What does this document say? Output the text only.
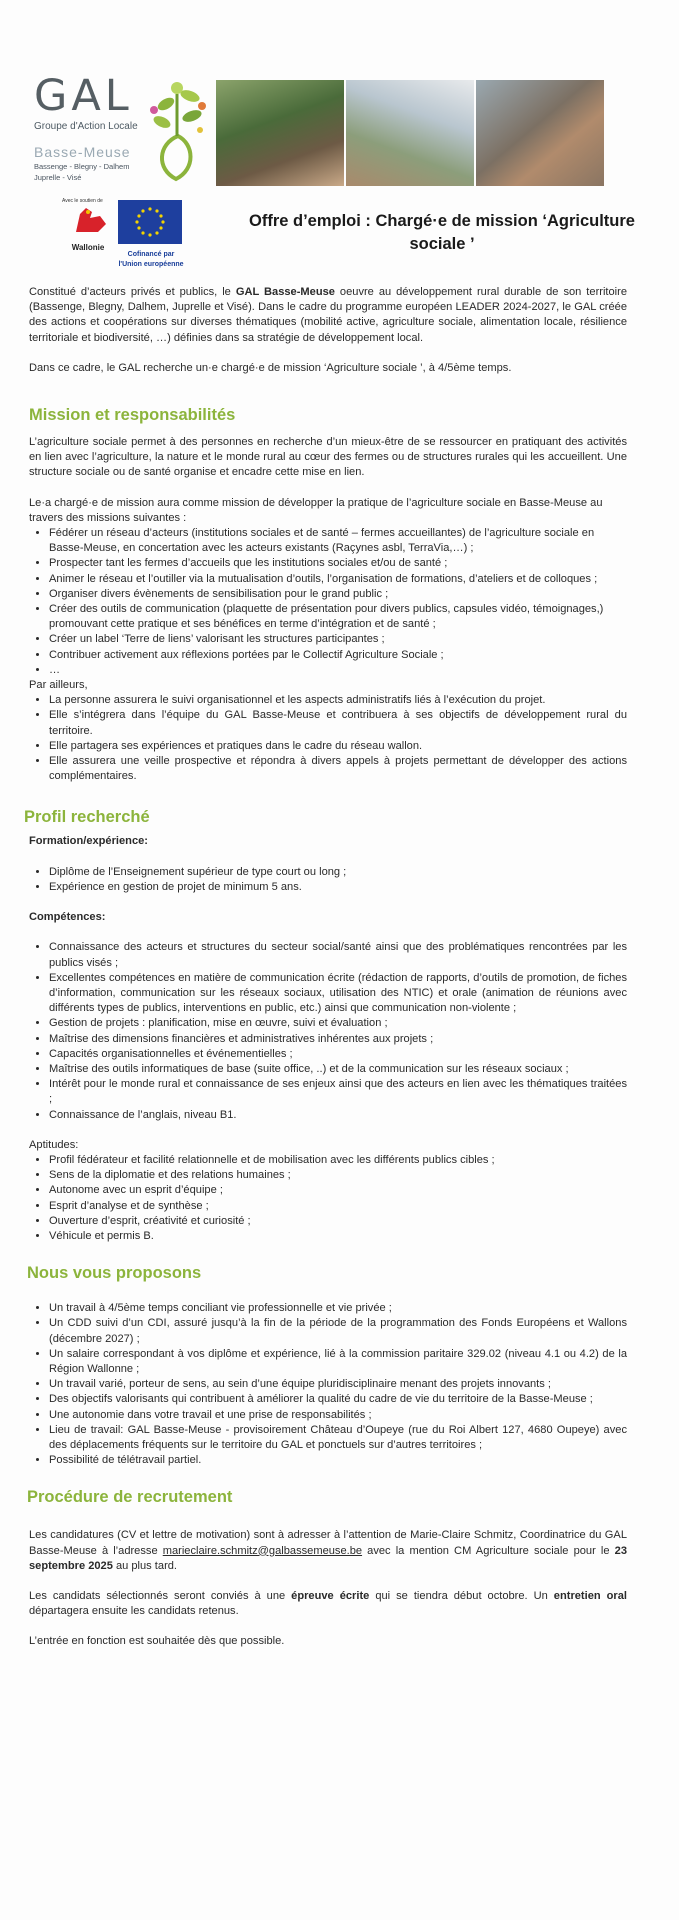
GAL
Groupe d'Action Locale
Basse-Meuse
Bassenge - Blegny - Dalhem
Juprelle - Visé
Avec le soutien de
Wallonie
Cofinancé par
l'Union européenne
Offre d’emploi : Chargé·e de mission ‘Agriculture sociale ’

Constitué d’acteurs privés et publics, le GAL Basse-Meuse oeuvre au développement rural durable de son territoire (Bassenge, Blegny, Dalhem, Juprelle et Visé). Dans le cadre du programme européen LEADER 2024-2027, le GAL créée des actions et coopérations sur diverses thématiques (mobilité active, agriculture sociale, alimentation locale, résilience territoriale et biodiversité, …) définies dans sa stratégie de développement local.

Dans ce cadre, le GAL recherche un·e chargé·e de mission ‘Agriculture sociale ’, à 4/5ème temps.

Mission et responsabilités

L’agriculture sociale permet à des personnes en recherche d’un mieux-être de se ressourcer en pratiquant des activités en lien avec l’agriculture, la nature et le monde rural au cœur des fermes ou de structures rurales qui les accueillent. Une structure sociale ou de santé organise et encadre cette mise en lien.

Le·a chargé·e de mission aura comme mission de développer la pratique de l’agriculture sociale en Basse-Meuse au travers des missions suivantes :

• Fédérer un réseau d’acteurs (institutions sociales et de santé – fermes accueillantes) de l’agriculture sociale en Basse-Meuse, en concertation avec les acteurs existants (Raçynes asbl, TerraVia,…) ;
• Prospecter tant les fermes d’accueils que les institutions sociales et/ou de santé ;
• Animer le réseau et l’outiller via la mutualisation d’outils, l’organisation de formations, d’ateliers et de colloques ;
• Organiser divers évènements de sensibilisation pour le grand public ;
• Créer des outils de communication (plaquette de présentation pour divers publics, capsules vidéo, témoignages,) promouvant cette pratique et ses bénéfices en terme d’intégration et de santé ;
• Créer un label ‘Terre de liens’ valorisant les structures participantes ;
• Contribuer activement aux réflexions portées par le Collectif Agriculture Sociale ;
• …

Par ailleurs,

• La personne assurera le suivi organisationnel et les aspects administratifs liés à l’exécution du projet.
• Elle s’intégrera dans l’équipe du GAL Basse-Meuse et contribuera à ses objectifs de développement rural du territoire.
• Elle partagera ses expériences et pratiques dans le cadre du réseau wallon.
• Elle assurera une veille prospective et répondra à divers appels à projets permettant de développer des actions complémentaires.
Profil recherché

Formation/expérience:

• Diplôme de l’Enseignement supérieur de type court ou long ;
• Expérience en gestion de projet de minimum 5 ans.

Compétences:

• Connaissance des acteurs et structures du secteur social/santé ainsi que des problématiques rencontrées par les publics visés ;
• Excellentes compétences en matière de communication écrite (rédaction de rapports, d’outils de promotion, de fiches d’information, communication sur les réseaux sociaux, utilisation des NTIC) et orale (animation de réunions avec différents types de publics, interventions en public, etc.) ainsi que communication non-violente ;
• Gestion de projets : planification, mise en œuvre, suivi et évaluation ;
• Maîtrise des dimensions financières et administratives inhérentes aux projets ;
• Capacités organisationnelles et événementielles ;
• Maîtrise des outils informatiques de base (suite office, ..) et de la communication sur les réseaux sociaux ;
• Intérêt pour le monde rural et connaissance de ses enjeux ainsi que des acteurs en lien avec les thématiques traitées ;
• Connaissance de l’anglais, niveau B1.

Aptitudes:

• Profil fédérateur et facilité relationnelle et de mobilisation avec les différents publics cibles ;
• Sens de la diplomatie et des relations humaines ;
• Autonome avec un esprit d’équipe ;
• Esprit d’analyse et de synthèse ;
• Ouverture d’esprit, créativité et curiosité ;
• Véhicule et permis B.
Nous vous proposons
• Un travail à 4/5ème temps conciliant vie professionnelle et vie privée ;
• Un CDD suivi d’un CDI, assuré jusqu’à la fin de la période de la programmation des Fonds Européens et Wallons (décembre 2027) ;
• Un salaire correspondant à vos diplôme et expérience, lié à la commission paritaire 329.02 (niveau 4.1 ou 4.2) de la Région Wallonne ;
• Un travail varié, porteur de sens, au sein d’une équipe pluridisciplinaire menant des projets innovants ;
• Des objectifs valorisants qui contribuent à améliorer la qualité du cadre de vie du territoire de la Basse-Meuse ;
• Une autonomie dans votre travail et une prise de responsabilités ;
• Lieu de travail: GAL Basse-Meuse - provisoirement Château d’Oupeye (rue du Roi Albert 127, 4680 Oupeye) avec des déplacements fréquents sur le territoire du GAL et ponctuels sur d’autres territoires ;
• Possibilité de télétravail partiel.
Procédure de recrutement

Les candidatures (CV et lettre de motivation) sont à adresser à l’attention de Marie-Claire Schmitz, Coordinatrice du GAL Basse-Meuse à l’adresse marieclaire.schmitz@galbassemeuse.be avec la mention CM Agriculture sociale pour le 23 septembre 2025 au plus tard.

Les candidats sélectionnés seront conviés à une épreuve écrite qui se tiendra début octobre. Un entretien oral départagera ensuite les candidats retenus.

L’entrée en fonction est souhaitée dès que possible.
